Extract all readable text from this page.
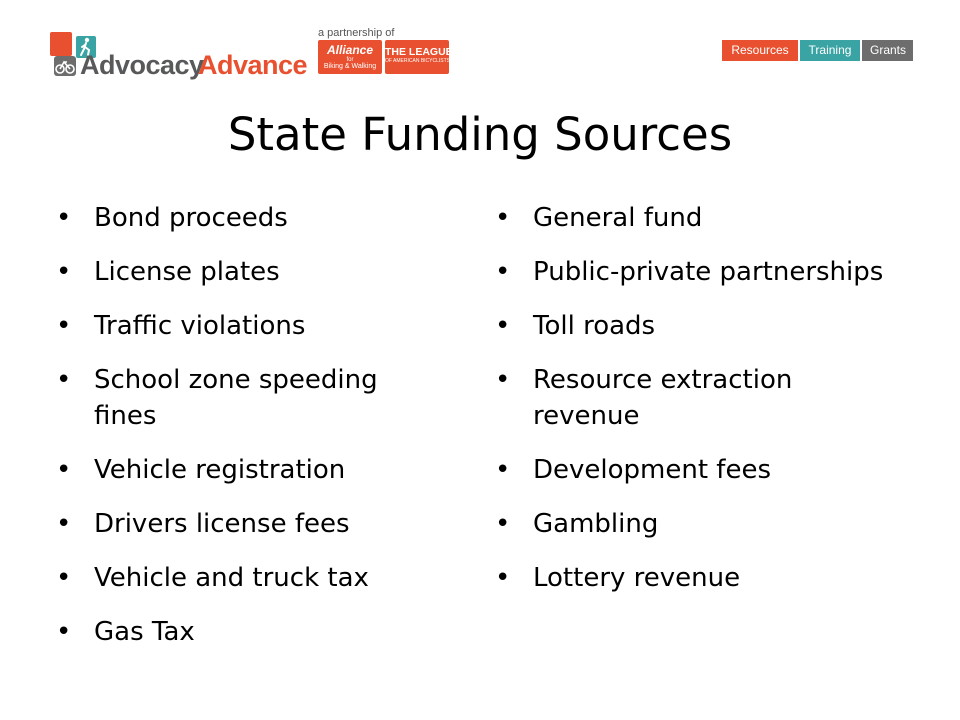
Advocacy
Advance
a partnership of
Alliance
for
Biking & Walking
THE LEAGUE
OF AMERICAN BICYCLISTS
Resources	Training	Grants
State Funding Sources
• Bond proceeds
• License plates
• Traffic violations
• School zone speeding fines
• Vehicle registration
• Drivers license fees
• Vehicle and truck tax
• Gas Tax
• General fund
• Public-private partnerships
• Toll roads
• Resource extraction revenue
• Development fees
• Gambling
• Lottery revenue
